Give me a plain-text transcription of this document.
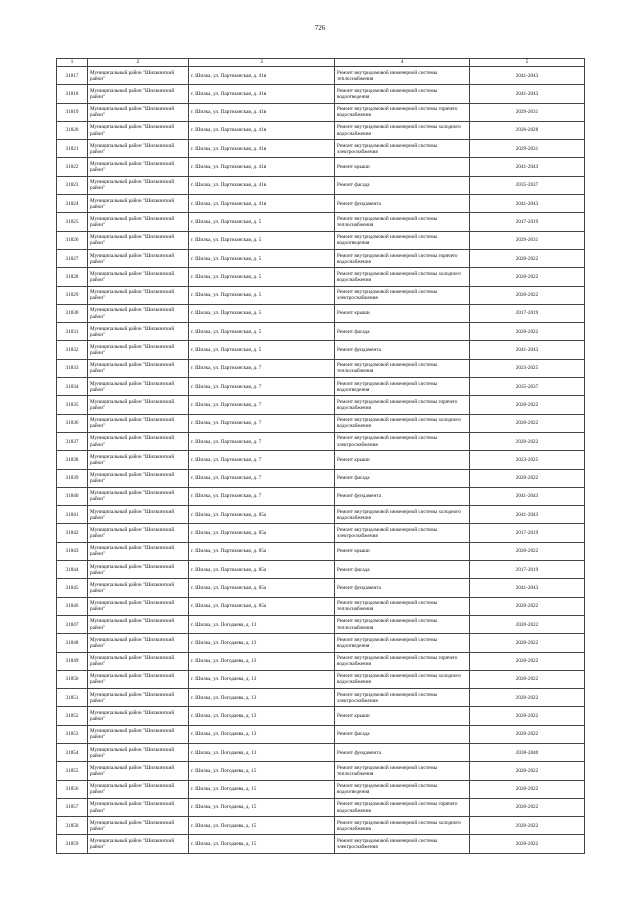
726
1	2	3	4	5
31817	Муниципальный район "Шилкинский район"	г. Шилка, ул. Партизанская, д. 41в	Ремонт внутридомовой инженерной системы теплоснабжения	2041-2043
31818	Муниципальный район "Шилкинский район"	г. Шилка, ул. Партизанская, д. 41в	Ремонт внутридомовой инженерной системы водоотведения	2041-2043
31819	Муниципальный район "Шилкинский район"	г. Шилка, ул. Партизанская, д. 41в	Ремонт внутридомовой инженерной системы горячего водоснабжения	2029-2031
31820	Муниципальный район "Шилкинский район"	г. Шилка, ул. Партизанская, д. 41в	Ремонт внутридомовой инженерной системы холодного водоснабжения	2026-2028
31821	Муниципальный район "Шилкинский район"	г. Шилка, ул. Партизанская, д. 41в	Ремонт внутридомовой инженерной системы электроснабжения	2029-2031
31822	Муниципальный район "Шилкинский район"	г. Шилка, ул. Партизанская, д. 41в	Ремонт крыши	2041-2043
31823	Муниципальный район "Шилкинский район"	г. Шилка, ул. Партизанская, д. 41в	Ремонт фасада	2035-2037
31824	Муниципальный район "Шилкинский район"	г. Шилка, ул. Партизанская, д. 41в	Ремонт фундамента	2041-2043
31825	Муниципальный район "Шилкинский район"	г. Шилка, ул. Партизанская, д. 5	Ремонт внутридомовой инженерной системы теплоснабжения	2017-2019
31826	Муниципальный район "Шилкинский район"	г. Шилка, ул. Партизанская, д. 5	Ремонт внутридомовой инженерной системы водоотведения	2029-2031
31827	Муниципальный район "Шилкинский район"	г. Шилка, ул. Партизанская, д. 5	Ремонт внутридомовой инженерной системы горячего водоснабжения	2020-2022
31828	Муниципальный район "Шилкинский район"	г. Шилка, ул. Партизанская, д. 5	Ремонт внутридомовой инженерной системы холодного водоснабжения	2020-2022
31829	Муниципальный район "Шилкинский район"	г. Шилка, ул. Партизанская, д. 5	Ремонт внутридомовой инженерной системы электроснабжения	2020-2022
31830	Муниципальный район "Шилкинский район"	г. Шилка, ул. Партизанская, д. 5	Ремонт крыши	2017-2019
31831	Муниципальный район "Шилкинский район"	г. Шилка, ул. Партизанская, д. 5	Ремонт фасада	2020-2022
31832	Муниципальный район "Шилкинский район"	г. Шилка, ул. Партизанская, д. 5	Ремонт фундамента	2041-2043
31833	Муниципальный район "Шилкинский район"	г. Шилка, ул. Партизанская, д. 7	Ремонт внутридомовой инженерной системы теплоснабжения	2023-2025
31834	Муниципальный район "Шилкинский район"	г. Шилка, ул. Партизанская, д. 7	Ремонт внутридомовой инженерной системы водоотведения	2035-2037
31835	Муниципальный район "Шилкинский район"	г. Шилка, ул. Партизанская, д. 7	Ремонт внутридомовой инженерной системы горячего водоснабжения	2020-2022
31836	Муниципальный район "Шилкинский район"	г. Шилка, ул. Партизанская, д. 7	Ремонт внутридомовой инженерной системы холодного водоснабжения	2020-2022
31837	Муниципальный район "Шилкинский район"	г. Шилка, ул. Партизанская, д. 7	Ремонт внутридомовой инженерной системы электроснабжения	2020-2022
31838	Муниципальный район "Шилкинский район"	г. Шилка, ул. Партизанская, д. 7	Ремонт крыши	2023-2025
31839	Муниципальный район "Шилкинский район"	г. Шилка, ул. Партизанская, д. 7	Ремонт фасада	2020-2022
31840	Муниципальный район "Шилкинский район"	г. Шилка, ул. Партизанская, д. 7	Ремонт фундамента	2041-2043
31841	Муниципальный район "Шилкинский район"	г. Шилка, ул. Партизанская, д. 85а	Ремонт внутридомовой инженерной системы холодного водоснабжения	2041-2043
31842	Муниципальный район "Шилкинский район"	г. Шилка, ул. Партизанская, д. 85а	Ремонт внутридомовой инженерной системы электроснабжения	2017-2019
31843	Муниципальный район "Шилкинский район"	г. Шилка, ул. Партизанская, д. 85а	Ремонт крыши	2020-2022
31844	Муниципальный район "Шилкинский район"	г. Шилка, ул. Партизанская, д. 85а	Ремонт фасада	2017-2019
31845	Муниципальный район "Шилкинский район"	г. Шилка, ул. Партизанская, д. 85а	Ремонт фундамента	2041-2043
31846	Муниципальный район "Шилкинский район"	г. Шилка, ул. Партизанская, д. 85а	Ремонт внутридомовой инженерной системы теплоснабжения	2020-2022
31847	Муниципальный район "Шилкинский район"	г. Шилка, ул. Погодаева, д. 13	Ремонт внутридомовой инженерной системы теплоснабжения	2020-2022
31848	Муниципальный район "Шилкинский район"	г. Шилка, ул. Погодаева, д. 13	Ремонт внутридомовой инженерной системы водоотведения	2020-2022
31849	Муниципальный район "Шилкинский район"	г. Шилка, ул. Погодаева, д. 13	Ремонт внутридомовой инженерной системы горячего водоснабжения	2020-2022
31850	Муниципальный район "Шилкинский район"	г. Шилка, ул. Погодаева, д. 13	Ремонт внутридомовой инженерной системы холодного водоснабжения	2020-2022
31851	Муниципальный район "Шилкинский район"	г. Шилка, ул. Погодаева, д. 13	Ремонт внутридомовой инженерной системы электроснабжения	2020-2022
31852	Муниципальный район "Шилкинский район"	г. Шилка, ул. Погодаева, д. 13	Ремонт крыши	2020-2022
31853	Муниципальный район "Шилкинский район"	г. Шилка, ул. Погодаева, д. 13	Ремонт фасада	2020-2022
31854	Муниципальный район "Шилкинский район"	г. Шилка, ул. Погодаева, д. 13	Ремонт фундамента	2038-2040
31855	Муниципальный район "Шилкинский район"	г. Шилка, ул. Погодаева, д. 15	Ремонт внутридомовой инженерной системы теплоснабжения	2020-2022
31856	Муниципальный район "Шилкинский район"	г. Шилка, ул. Погодаева, д. 15	Ремонт внутридомовой инженерной системы водоотведения	2020-2022
31857	Муниципальный район "Шилкинский район"	г. Шилка, ул. Погодаева, д. 15	Ремонт внутридомовой инженерной системы горячего водоснабжения	2020-2022
31858	Муниципальный район "Шилкинский район"	г. Шилка, ул. Погодаева, д. 15	Ремонт внутридомовой инженерной системы холодного водоснабжения	2020-2022
31859	Муниципальный район "Шилкинский район"	г. Шилка, ул. Погодаева, д. 15	Ремонт внутридомовой инженерной системы электроснабжения	2020-2022
